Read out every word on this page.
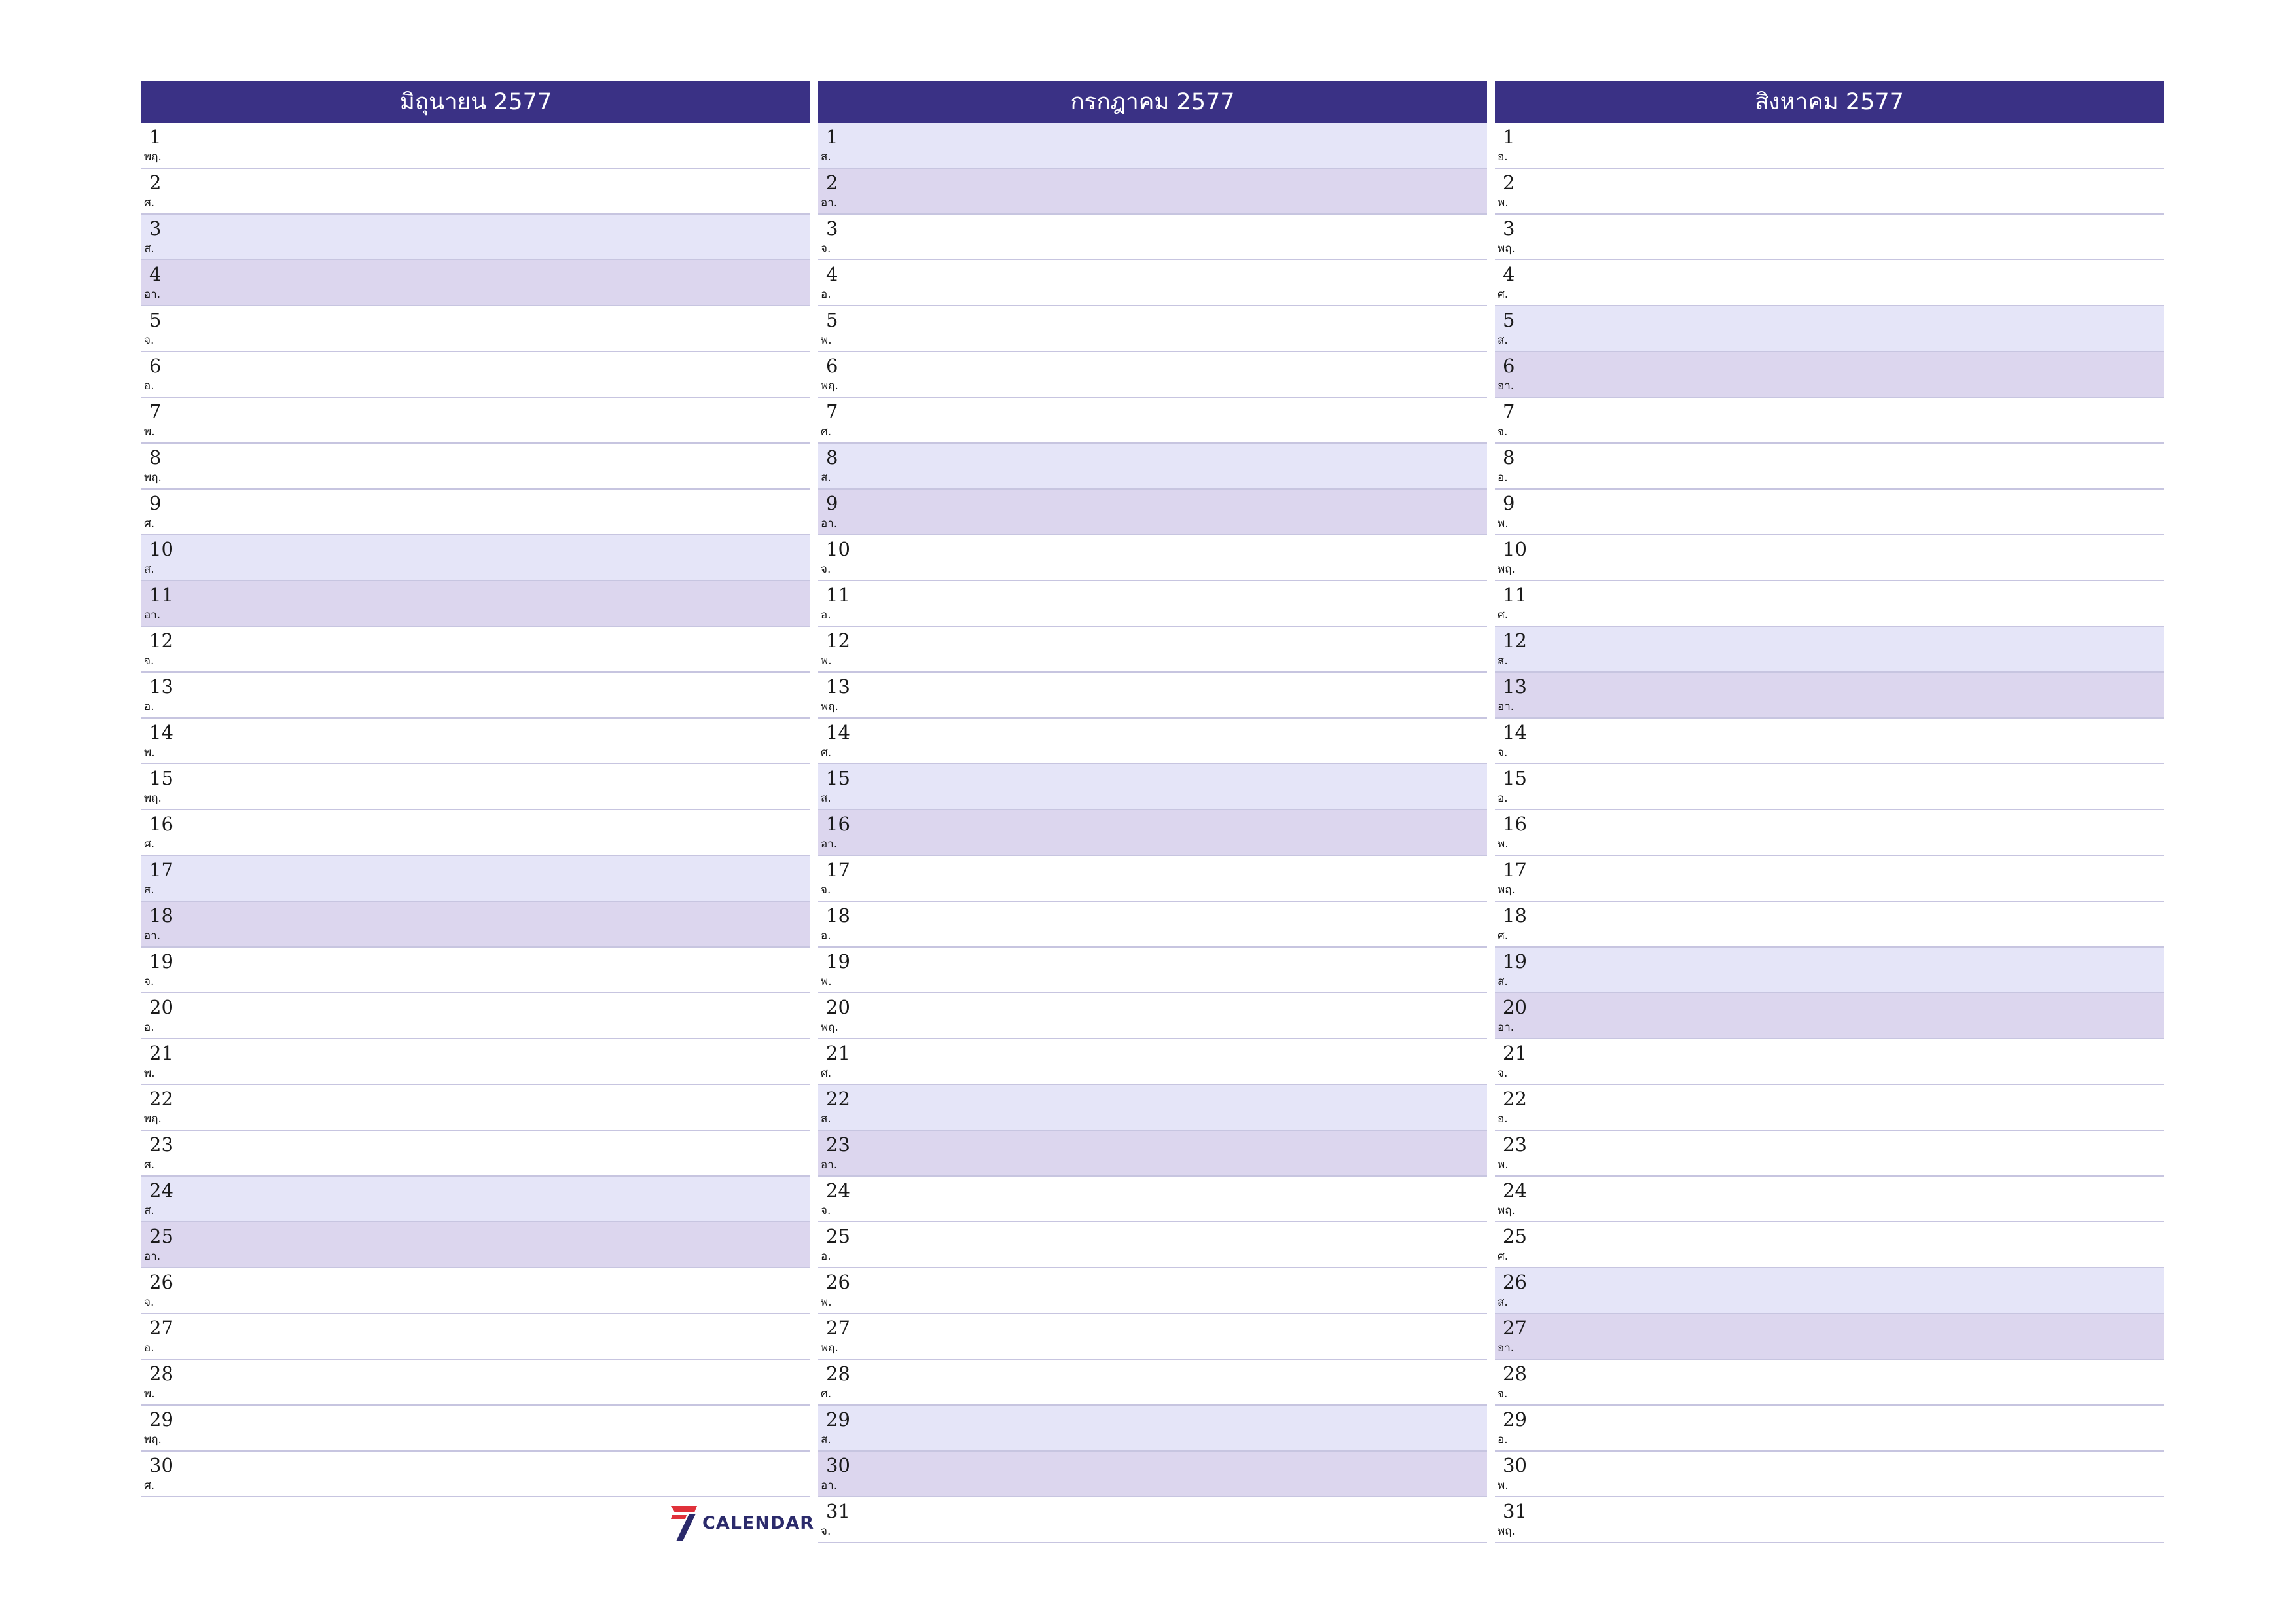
มิถุนายน 2577
1
พฤ.
2
ศ.
3
ส.
4
อา.
5
จ.
6
อ.
7
พ.
8
พฤ.
9
ศ.
10
ส.
11
อา.
12
จ.
13
อ.
14
พ.
15
พฤ.
16
ศ.
17
ส.
18
อา.
19
จ.
20
อ.
21
พ.
22
พฤ.
23
ศ.
24
ส.
25
อา.
26
จ.
27
อ.
28
พ.
29
พฤ.
30
ศ.
กรกฎาคม 2577
1
ส.
2
อา.
3
จ.
4
อ.
5
พ.
6
พฤ.
7
ศ.
8
ส.
9
อา.
10
จ.
11
อ.
12
พ.
13
พฤ.
14
ศ.
15
ส.
16
อา.
17
จ.
18
อ.
19
พ.
20
พฤ.
21
ศ.
22
ส.
23
อา.
24
จ.
25
อ.
26
พ.
27
พฤ.
28
ศ.
29
ส.
30
อา.
31
จ.
สิงหาคม 2577
1
อ.
2
พ.
3
พฤ.
4
ศ.
5
ส.
6
อา.
7
จ.
8
อ.
9
พ.
10
พฤ.
11
ศ.
12
ส.
13
อา.
14
จ.
15
อ.
16
พ.
17
พฤ.
18
ศ.
19
ส.
20
อา.
21
จ.
22
อ.
23
พ.
24
พฤ.
25
ศ.
26
ส.
27
อา.
28
จ.
29
อ.
30
พ.
31
พฤ.
CALENDAR
